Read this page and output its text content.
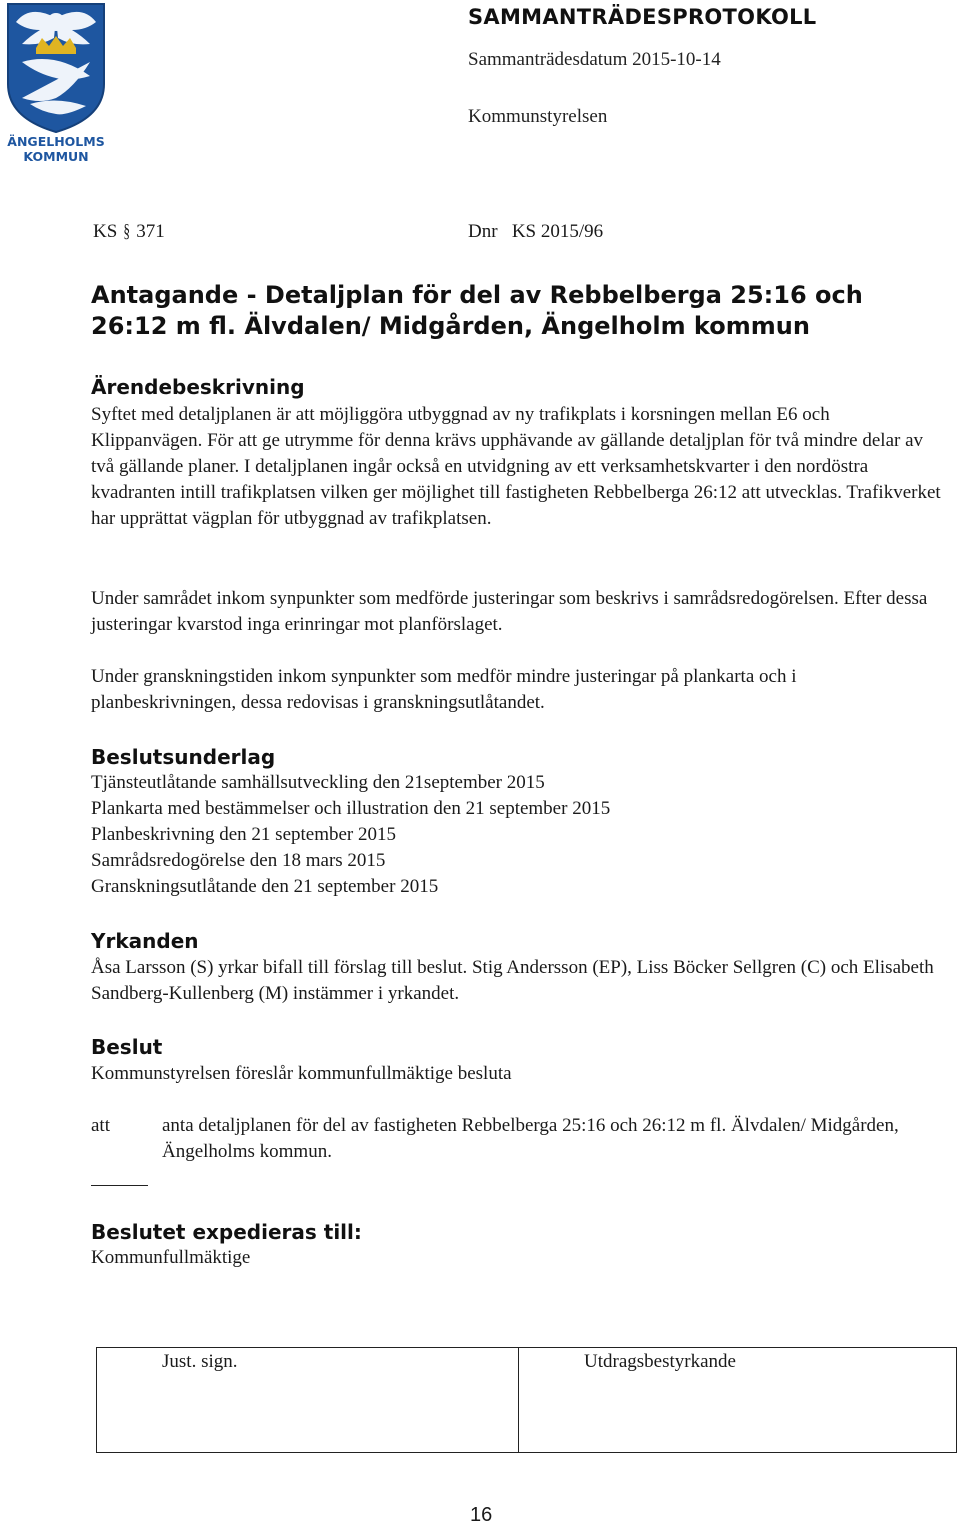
ÄNGELHOLMS KOMMUN
SAMMANTRÄDESPROTOKOLL
Sammanträdesdatum 2015-10-14
Kommunstyrelsen
KS § 371	Dnr KS 2015/96
Antagande - Detaljplan för del av Rebbelberga 25:16 och 26:12 m fl. Älvdalen/ Midgården, Ängelholm kommun
Ärendebeskrivning
Syftet med detaljplanen är att möjliggöra utbyggnad av ny trafikplats i korsningen mellan E6 och Klippanvägen. För att ge utrymme för denna krävs upphävande av gällande detaljplan för två mindre delar av två gällande planer. I detaljplanen ingår också en utvidgning av ett verksamhetskvarter i den nordöstra kvadranten intill trafikplatsen vilken ger möjlighet till fastigheten Rebbelberga 26:12 att utvecklas. Trafikverket har upprättat vägplan för utbyggnad av trafikplatsen.
Under samrådet inkom synpunkter som medförde justeringar som beskrivs i samrådsredogörelsen. Efter dessa justeringar kvarstod inga erinringar mot planförslaget.
Under granskningstiden inkom synpunkter som medför mindre justeringar på plankarta och i planbeskrivningen, dessa redovisas i granskningsutlåtandet.
Beslutsunderlag
Tjänsteutlåtande samhällsutveckling den 21september 2015
Plankarta med bestämmelser och illustration den 21 september 2015
Planbeskrivning den 21 september 2015
Samrådsredogörelse den 18 mars 2015
Granskningsutlåtande den 21 september 2015
Yrkanden
Åsa Larsson (S) yrkar bifall till förslag till beslut. Stig Andersson (EP), Liss Böcker Sellgren (C) och Elisabeth Sandberg-Kullenberg (M) instämmer i yrkandet.
Beslut
Kommunstyrelsen föreslår kommunfullmäktige besluta
att	anta detaljplanen för del av fastigheten Rebbelberga 25:16 och 26:12 m fl. Älvdalen/ Midgården, Ängelholms kommun.
Beslutet expedieras till:
Kommunfullmäktige
Just. sign.	Utdragsbestyrkande
16
